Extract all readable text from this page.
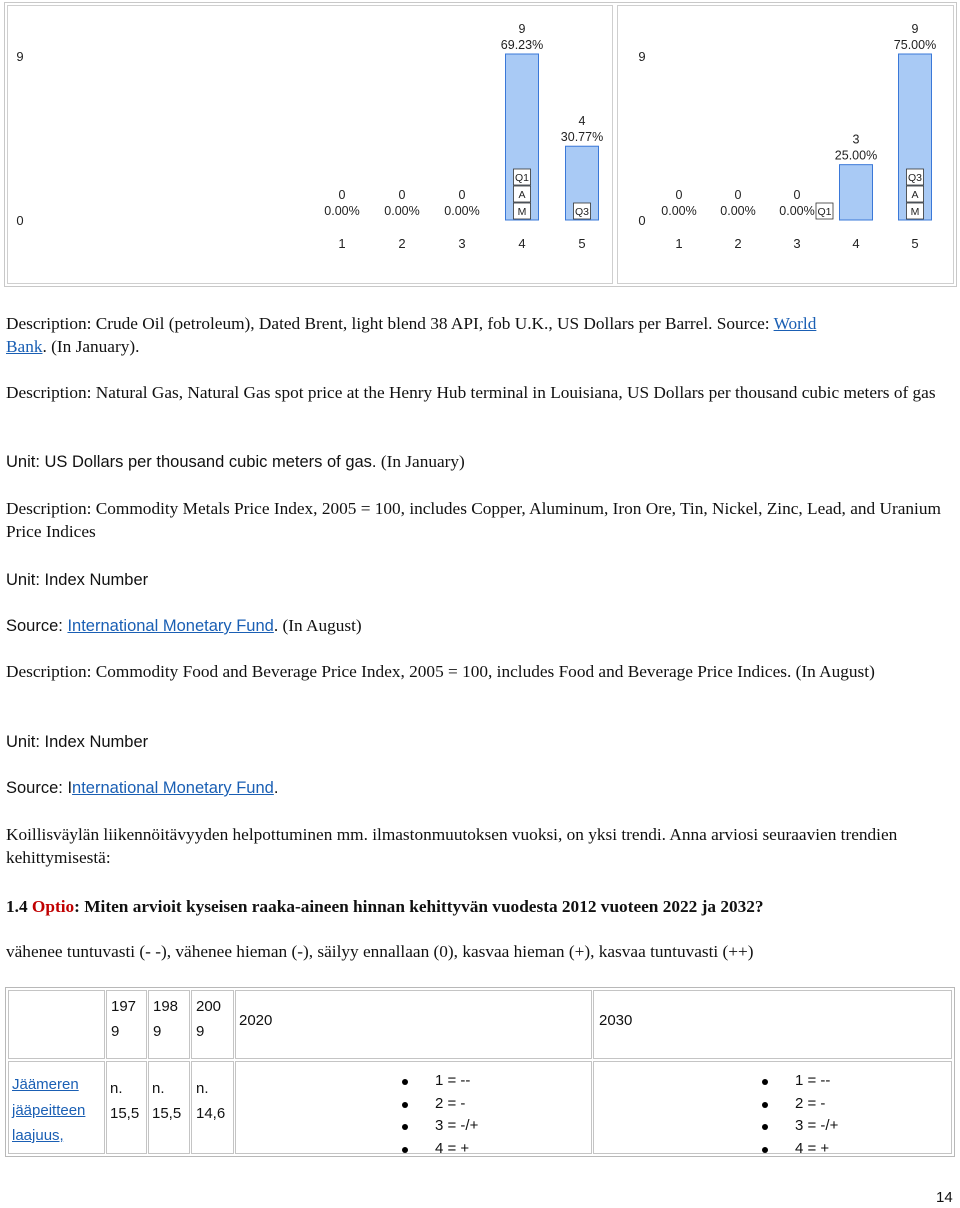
0
9
0
0.00%
1
0
0.00%
2
0
0.00%
3
9
69.23%
4
4
30.77%
5
Q1
A
M	Q3
0
9
0
0.00%
1
0
0.00%
2
0
0.00%
3
3
25.00%
4
9
75.00%
5
Q1
Q3
A
M

Description: Crude Oil (petroleum), Dated Brent, light blend 38 API, fob U.K., US Dollars per Barrel. Source: World
Bank. (In January).

Description: Natural Gas, Natural Gas spot price at the Henry Hub terminal in Louisiana, US Dollars per thousand cubic meters of gas

Unit: US Dollars per thousand cubic meters of gas. (In January)

Description: Commodity Metals Price Index, 2005 = 100, includes Copper, Aluminum, Iron Ore, Tin, Nickel, Zinc, Lead, and Uranium Price Indices

Unit: Index Number

Source: International Monetary Fund. (In August)

Description: Commodity Food and Beverage Price Index, 2005 = 100, includes Food and Beverage Price Indices. (In August)

Unit: Index Number

Source: International Monetary Fund.

Koillisväylän liikennöitävyyden helpottuminen mm. ilmastonmuutoksen vuoksi, on yksi trendi. Anna arviosi seuraavien trendien kehittymisestä:

1.4 Optio: Miten arvioit kyseisen raaka-aineen hinnan kehittyvän vuodesta 2012 vuoteen 2022 ja 2032?

vähenee tuntuvasti (- -), vähenee hieman (-), säilyy ennallaan (0), kasvaa hieman (+), kasvaa tuntuvasti (++)

197
9
198
9
200
9
2020	2030
Jäämeren
jääpeitteen
laajuus,
n.
15,5
n.
15,5
n.
14,6
1 = --
2 = -
3 = -/+
4 = +
1 = --
2 = -
3 = -/+
4 = +
14
